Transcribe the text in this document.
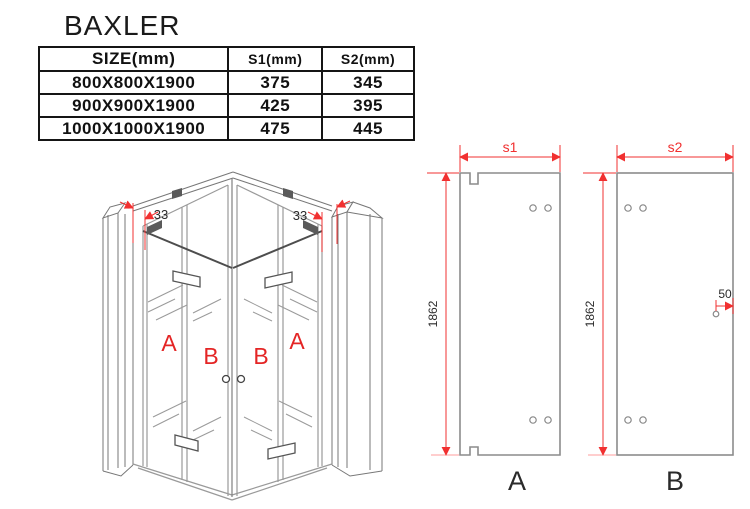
BAXLER
SIZE(mm)	S1(mm)	S2(mm)
800X800X1900	375	345
900X900X1900	425	395
1000X1000X1900	475	445
33	33
A B B
A
s1
1862
A
s2
1862
50
B
